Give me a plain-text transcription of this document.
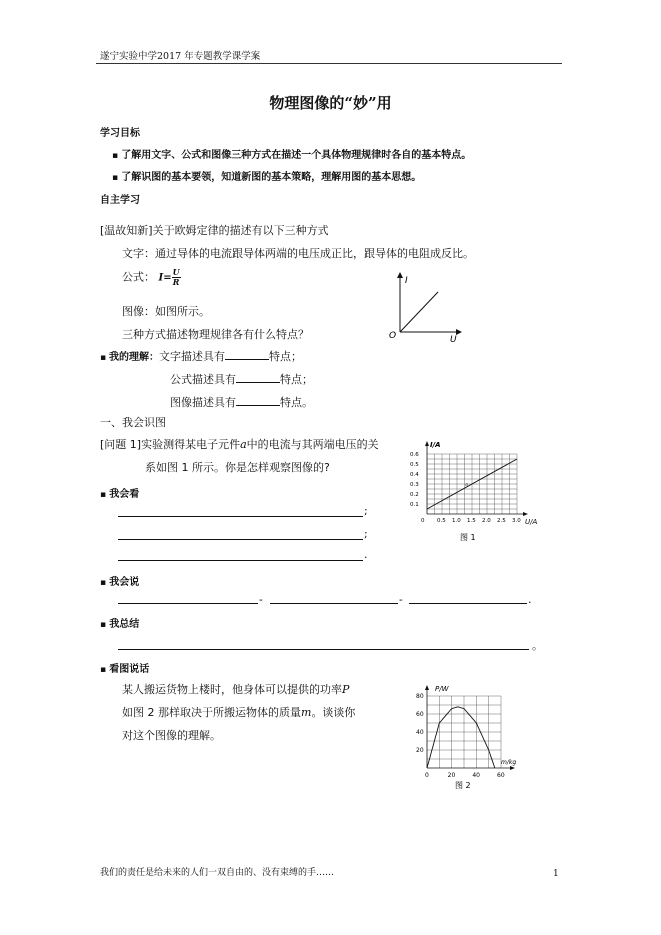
遂宁实验中学2017 年专题教学课学案
物理图像的“妙”用
学习目标
▪ 了解用文字、公式和图像三种方式在描述一个具体物理规律时各自的基本特点。
▪ 了解识图的基本要领，知道新图的基本策略，理解用图的基本思想。
自主学习
[温故知新]关于欧姆定律的描述有以下三种方式
文字：通过导体的电流跟导体两端的电压成正比，跟导体的电阻成反比。
公式： $I= \frac{U}{R}$
图像：如图所示。
三种方式描述物理规律各有什么特点？
▪ 我的理解：文字描述具有	特点；
公式描述具有	特点；
图像描述具有	特点。
I
U
O
一、我会识图
[问题 1]实验测得某电子元件a中的电流与其两端电压的关
系如图 1 所示。你是怎样观察图像的?
▪ 我会看
;
;
.
▪ 我会说
-	-	.
▪ 我总结
。
▪ 看图说话
某人搬运货物上楼时，他身体可以提供的功率P
如图 2 那样取决于所搬运物体的质量m。谈谈你
对这个图像的理解。
0.6
0.5
0.4
0.3
0.2
0.1
0.5 1.0 1.5 2.0 2.5 3.0
I/A
U/A
0
a
图 1
80
60
40
20
20	40	60
P/W
m/kg
0
图 2
我们的责任是给未来的人们一双自由的、没有束缚的手……	1
